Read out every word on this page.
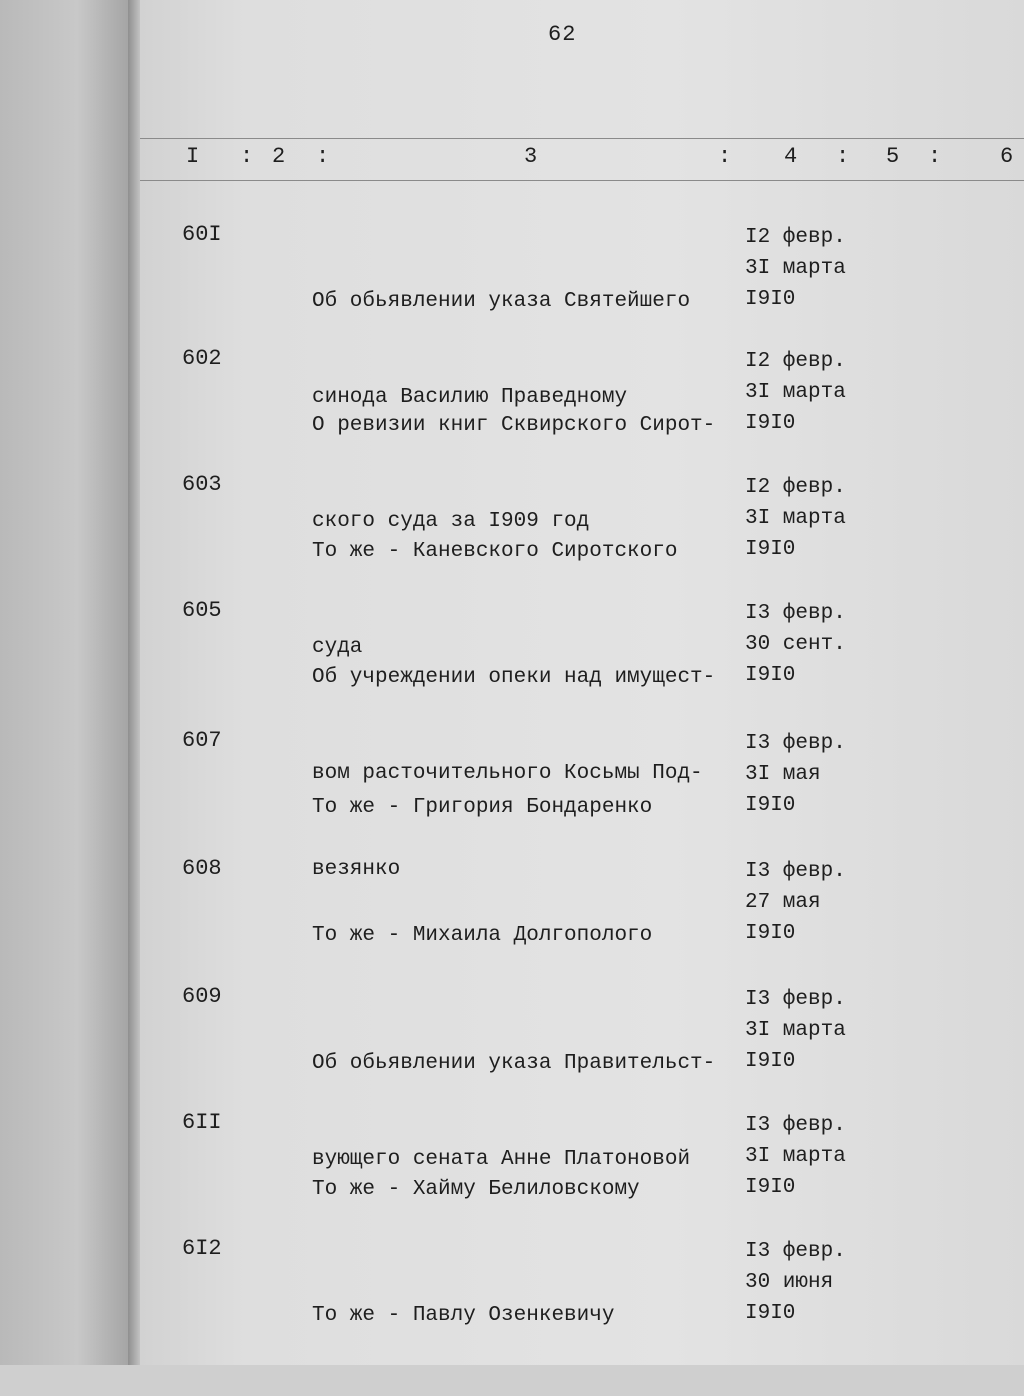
62
I : 2 :	3	: 4 : 5 :	6
60I

Об обьявлении указа Святейшего

синода Василию Праведному

I2 февр.
3I марта
I9I0
602

О ревизии книг Сквирского Сирот-

ского суда за I909 год

I2 февр.
3I марта
I9I0
603

То же - Каневского Сиротского

суда

I2 февр.
3I марта
I9I0
605

Об учреждении опеки над имущест-

вом расточительного Косьмы Под-

везянко

I3 февр.
30 сент.
I9I0
607

То же - Григория Бондаренко

I3 февр.
3I мая
I9I0
608

То же - Михаила Долгополого

I3 февр.
27 мая
I9I0
609

Об обьявлении указа Правительст-

вующего сената Анне Платоновой

I3 февр.
3I марта
I9I0
6II

То же - Хайму Белиловскому

I3 февр.
3I марта
I9I0
6I2

То же - Павлу Озенкевичу

I3 февр.
30 июня
I9I0
